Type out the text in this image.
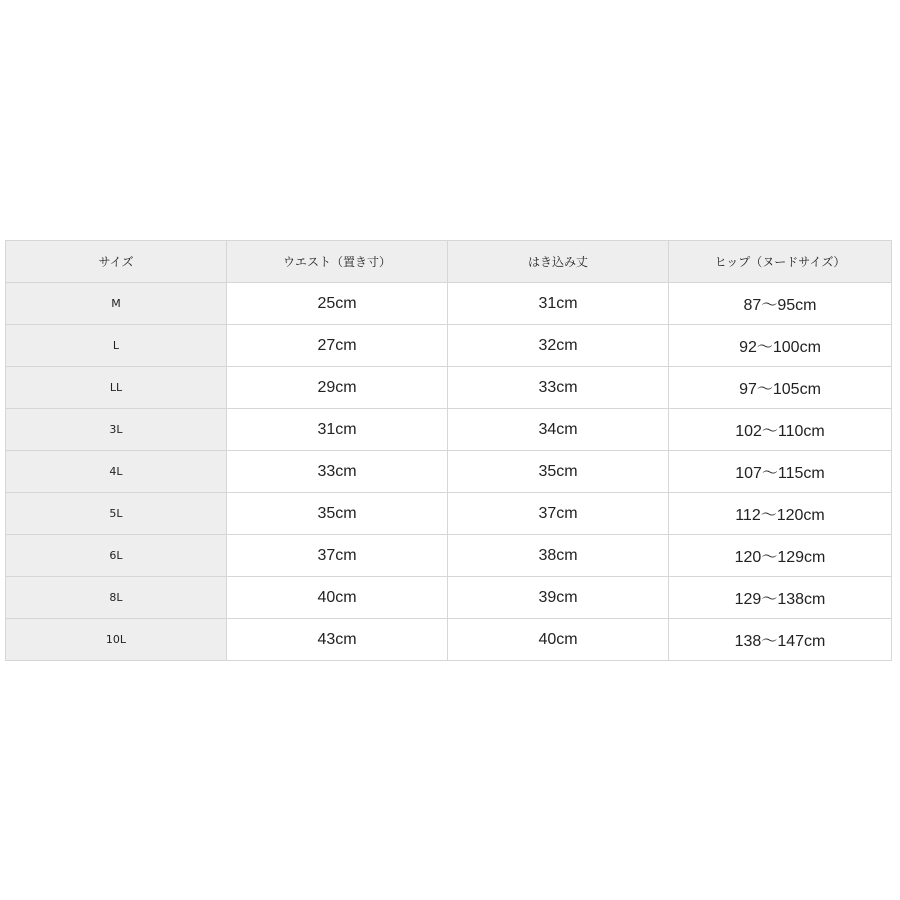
サイズ	ウエスト（置き寸）	はき込み丈	ヒップ（ヌードサイズ）
M	25cm	31cm	87～95cm
L	27cm	32cm	92～100cm
LL	29cm	33cm	97～105cm
3L	31cm	34cm	102～110cm
4L	33cm	35cm	107～115cm
5L	35cm	37cm	112～120cm
6L	37cm	38cm	120～129cm
8L	40cm	39cm	129～138cm
10L	43cm	40cm	138～147cm
